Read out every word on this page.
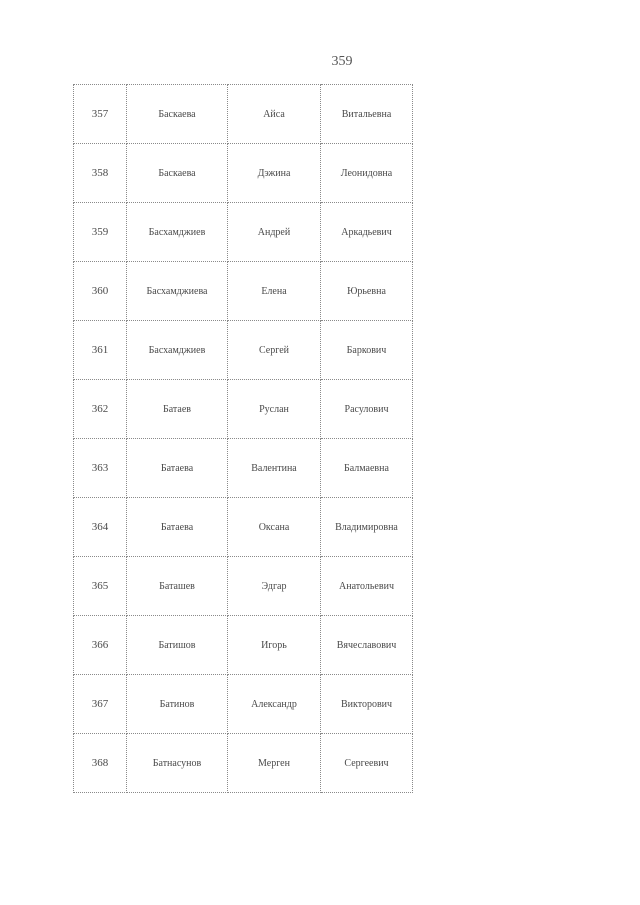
359
357	Баскаева	Айса	Витальевна
358	Баскаева	Дэжина	Леонидовна
359	Басхамджиев	Андрей	Аркадьевич
360	Басхамджиева	Елена	Юрьевна
361	Басхамджиев	Сергей	Баркович
362	Батаев	Руслан	Расулович
363	Батаева	Валентина	Балмаевна
364	Батаева	Оксана	Владимировна
365	Баташев	Эдгар	Анатольевич
366	Батишов	Игорь	Вячеславович
367	Батинов	Александр	Викторович
368	Батнасунов	Мерген	Сергеевич
